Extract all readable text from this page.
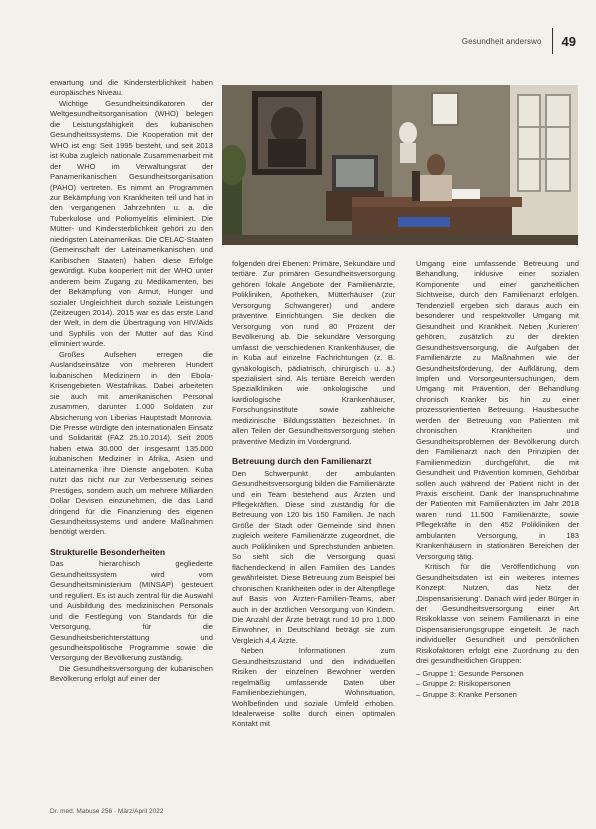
Gesundheit anderswo 49

erwartung und die Kindersterblichkeit haben europäisches Niveau.

Wichtige Gesundheitsindikatoren der Weltgesundheitsorganisation (WHO) belegen die Leistungsfähigkeit des kubanischen Gesundheitssystems. Die Kooperation mit der WHO ist eng: Seit 1995 besteht, und seit 2013 ist Kuba zugleich nationale Zusammenarbeit mit der WHO im Verwaltungsrat der Panamerikanischen Gesundheitsorganisation (PAHO) vertreten. Es nimmt an Programmen zur Bekämpfung von Krankheiten teil und hat in den vergangenen Jahrzehnten u. a. die Tuberkulose und Poliomyelitis eliminiert. Die Mütter- und Kindersterblichkeit gehört zu den niedrigsten Lateinamerikas. Die CELAC-Staaten (Gemeinschaft der Lateinamerikanischen und Karibischen Staaten) haben diese Erfolge gewürdigt. Kuba kooperiert mit der WHO unter anderem beim Zugang zu Medikamenten, bei der Bekämpfung von Armut, Hunger und sozialer Ungleichheit durch soziale Leistungen (Zeitzeugen 2014). 2015 war es das erste Land der Welt, in dem die Übertragung von HIV/Aids und Syphilis von der Mutter auf das Kind eliminiert wurde.

Großes Aufsehen erregen die Auslandseinsätze von mehreren Hundert kubanischen Medizinern in den Ebola-Krisengebieten Westafrikas. Dabei arbeiteten sie auch mit amerikanischen Personal zusammen, darunter 1.000 Soldaten zur Absicherung von Liberias Hauptstadt Monrovia. Die Presse würdigte den internationalen Einsatz und Solidarität (FAZ 25.10.2014). Seit 2005 haben etwa 30.000 der insgesamt 135.000 kubanischen Mediziner in Afrika, Asien und Lateinamerika ihre Dienste angeboten. Kuba nutzt das nicht nur zur Verbesserung seines Prestiges, sondern auch um mehrere Milliarden Dollar Devisen einzunehmen, die das Land dringend für die Finanzierung des eigenen Gesundheitssystems und andere Maßnahmen benötigt werden.

Strukturelle Besonderheiten

Das hierarchisch gegliederte Gesundheitssystem wird vom Gesundheitsministerium (MINSAP) gesteuert und reguliert. Es ist auch zentral für die Auswahl und Ausbildung des medizinischen Personals und die Festlegung von Standards für die Versorgung, für die Gesundheitsberichterstattung und gesundheitspolitische Programme sowie die Versorgung der Bevölkerung zuständig.

Die Gesundheitsversorgung der kubanischen Bevölkerung erfolgt auf einer der

folgenden drei Ebenen: Primäre, Sekundäre und tertiäre. Zur primären Gesundheitsversorgung gehören lokale Angebote der Familienärzte, Polikliniken, Apotheken, Mütterhäuser (zur Versorgung Schwangerer) und andere präventive Einrichtungen. Sie decken die Versorgung von rund 80 Prozent der Bevölkerung ab. Die sekundäre Versorgung umfasst die verschiedenen Krankenhäuser, die in Kuba auf einzelne Fachrichtungen (z. B. gynäkologisch, pädiatrisch, chirurgisch u. ä.) spezialisiert sind. Als tertiäre Bereich werden Spezialkliniken wie onkologische und kardiologische Krankenhäuser, Forschungsinstitute sowie zahlreiche medizinische Bildungsstätten bezeichnet. In allen Teilen der Gesundheitsversorgung stehen präventive Medizin im Vordergrund.

Betreuung durch den Familienarzt

Den Schwerpunkt der ambulanten Gesundheitsversorgung bilden die Familienärzte und ein Team bestehend aus Ärzten und Pflegekräften. Diese sind zuständig für die Betreuung von 120 bis 150 Familien. Je nach Größe der Stadt oder Gemeinde sind ihnen zugleich weitere Familienärzte zugeordnet, die auch Polikliniken und Sprechstunden anbieten. So sieht sich die Versorgung quasi flächendeckend in allen Familien des Landes gewährleistet. Diese Betreuung zum Beispiel bei chronischen Krankheiten oder in der Altenpflege auf Basis von Ärzten-Familien-Teams, aber auch in der ärztlichen Versorgung von Kindern. Die Anzahl der Ärzte beträgt rund 10 pro 1.000 Einwohner, in Deutschland beträgt sie zum Vergleich 4,4 Ärzte.

Neben Informationen zum Gesundheitszustand und den individuellen Risiken der einzelnen Bewohner werden regelmäßig umfassende Daten über Familienbeziehungen, Wohnsituation, Wohlbefinden und soziale Umfeld erhoben. Idealerweise sollte durch einen optimalen Kontakt mit

Umgang eine umfassende Betreuung und Behandlung, inklusive einer sozialen Komponente und einer ganzheitlichen Sichtweise, durch den Familienarzt erfolgen. Tendenziell ergeben sich daraus auch ein besonderer und respektvoller Umgang mit Gesundheit und Krankheit. Neben ‚Kurieren‘ gehören, zusätzlich zu der direkten Gesundheitsversorgung, die Aufgaben der Familienärzte zu Maßnahmen wie der Gesundheitsförderung, der Aufklärung, dem Impfen und Vorsorgeuntersuchungen, dem Umgang mit Prävention, der Behandlung chronisch Kranker bis hin zu einer prozessorientierten Betreuung. Hausbesuche werden der Betreuung von Patienten mit chronischen Krankheiten und Gesundheitsproblemen der Bevölkerung durch den Familienarzt nach den Prinzipien der Familienmedizin durchgeführt, die mit Gesundheit und Prävention kommen, Gehörbar sollen auch während der Patient nicht in der Praxis erscheint. Dank der Inanspruchnahme der Patienten mit Familienärzten im Jahr 2018 waren rund 11.500 Familienärzte, sowie Pflegekräfte in den 452 Polikliniken der ambulanten Versorgung, in 183 Krankenhäusern in stationären Bereichen der Versorgung tätig.

Kritisch für die Veröffentlichung von Gesundheitsdaten ist ein weiteres internes Konzept: Nutzen, das Netz der ‚Dispensarisierung‘. Danach wird jeder Bürger in der Gesundheitsversorgung einer Art Risikoklasse von seinem Familienarzt in eine Dispensarisierungsgruppe eingeteilt. Je nach individueller Gesundheit und persönlichen Risikofaktoren erfolgt eine Zuordnung zu den drei gesundheitlichen Gruppen:

– Gruppe 1: Gesunde Personen
– Gruppe 2: Risikopersonen
– Gruppe 3: Kranke Personen
Dr. med. Mabuse 256 · März/April 2022
